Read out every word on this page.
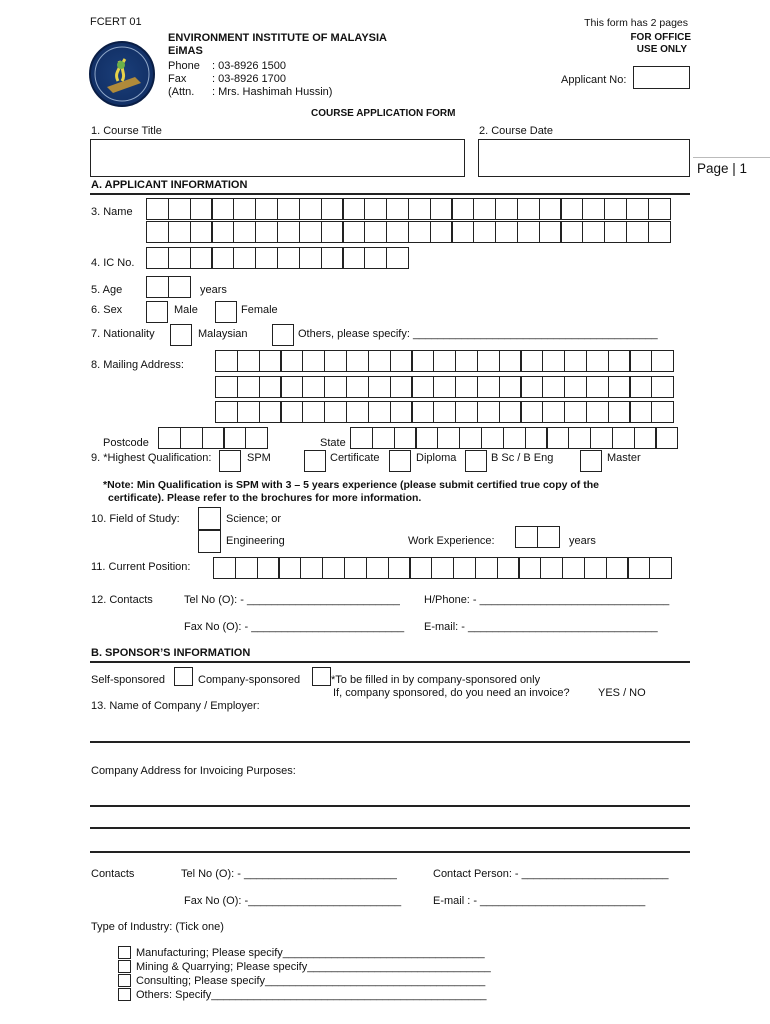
FCERT 01	This form has 2 pages
FOR OFFICE
USE ONLY
Applicant No:
ENVIRONMENT INSTITUTE OF MALAYSIA
EiMAS
Phone : 03-8926 1500
Fax : 03-8926 1700
(Attn. : Mrs. Hashimah Hussin)
COURSE APPLICATION FORM
1. Course Title	2. Course Date
Page | 1
A. APPLICANT INFORMATION
3. Name
4. IC No.
5. Age	years
6. Sex	Male	Female
7. Nationality	Malaysian	Others, please specify: ________________________________________
8. Mailing Address:
Postcode	State
9. *Highest Qualification:	SPM	Certificate	Diploma	B Sc / B Eng	Master
*Note: Min Qualification is SPM with 3 – 5 years experience (please submit certified true copy of the
certificate). Please refer to the brochures for more information.
10. Field of Study:	Science; or
Engineering	Work Experience:	years
11. Current Position:
12. Contacts	Tel No (O): - _________________________ H/Phone: - _______________________________
Fax No (O): - _________________________ E-mail: - _______________________________
B. SPONSOR’S INFORMATION
Self-sponsored	Company-sponsored	*To be filled in by company-sponsored only
If, company sponsored, do you need an invoice?	YES / NO
13. Name of Company / Employer:
Company Address for Invoicing Purposes:
Contacts	Tel No (O): - _________________________	Contact Person: - ________________________
Fax No (O): -_________________________	E-mail : - ___________________________
Type of Industry: (Tick one)
Manufacturing; Please specify_________________________________
Mining & Quarrying; Please specify______________________________
Consulting; Please specify____________________________________
Others: Specify_____________________________________________
